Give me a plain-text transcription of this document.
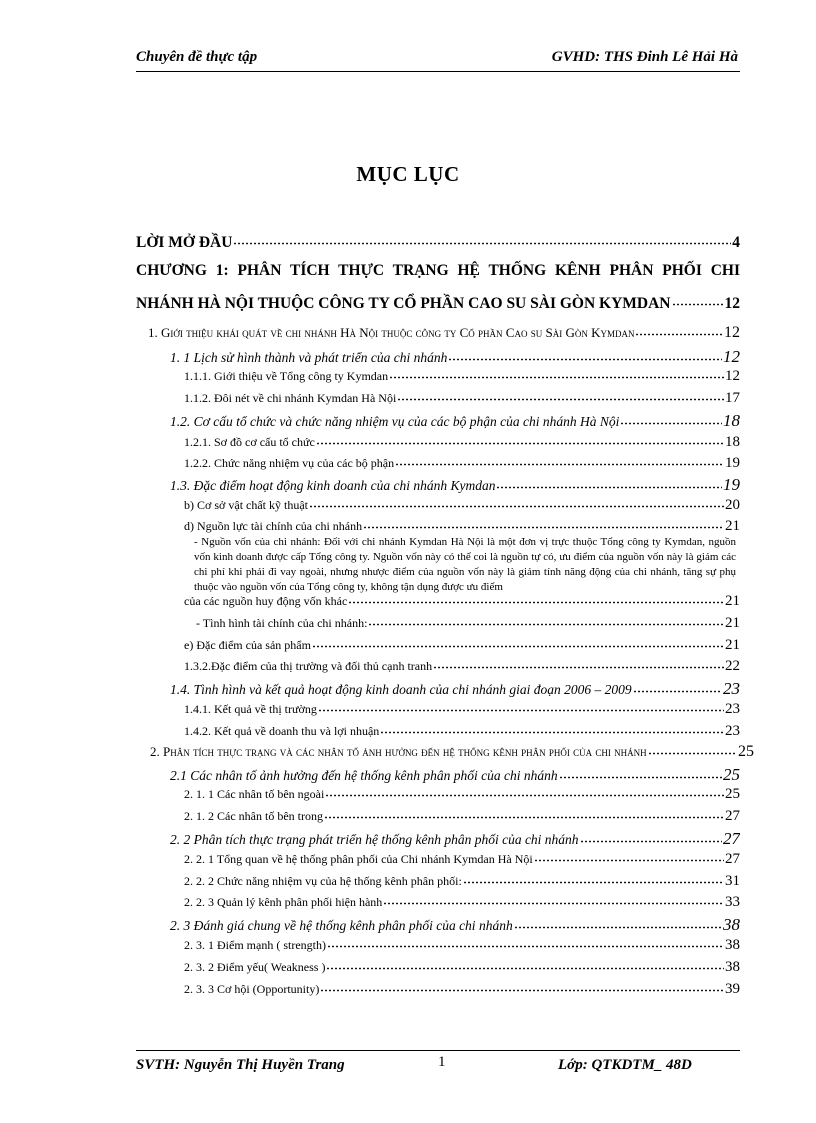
Chuyên đề thực tập	GVHD: THS Đinh Lê Hải Hà
MỤC LỤC
LỜI MỞ ĐẦU	4
CHƯƠNG 1: PHÂN TÍCH THỰC TRẠNG HỆ THỐNG KÊNH PHÂN PHỐI CHI
NHÁNH HÀ NỘI THUỘC CÔNG TY CỔ PHẦN CAO SU SÀI GÒN KYMDAN	12
1. Giới thiệu khái quát về chi nhánh Hà Nội thuộc công ty Cổ phần Cao su Sài Gòn Kymdan	12
1. 1 Lịch sử hình thành và phát triển của chi nhánh	12
1.1.1. Giới thiệu về Tổng công ty Kymdan	12
1.1.2. Đôi nét về chi nhánh Kymdan Hà Nội	17
1.2. Cơ cấu tổ chức và chức năng nhiệm vụ của các bộ phận của chi nhánh Hà Nội	18
1.2.1. Sơ đồ cơ cấu tổ chức	18
1.2.2. Chức năng nhiệm vụ của các bộ phận	19
1.3. Đặc điểm hoạt động kinh doanh của chi nhánh Kymdan	19
b) Cơ sở vật chất kỹ thuật	20
d) Nguồn lực tài chính của chi nhánh	21
- Nguồn vốn của chi nhánh: Đối với chi nhánh Kymdan Hà Nội là một đơn vị trực thuộc Tổng công ty Kymdan, nguồn vốn kinh doanh được cấp Tổng công ty. Nguồn vốn này có thể coi là nguồn tự có, ưu điểm của nguồn vốn này là giảm các chi phí khi phải đi vay ngoài, nhưng nhược điểm của nguồn vốn này là giảm tính năng động của chi nhánh, tăng sự phụ thuộc vào nguồn vốn của Tổng công ty, không tận dụng được ưu điểm
của các nguồn huy động vốn khác	21
- Tình hình tài chính của chi nhánh:	21
e) Đặc điểm của sản phẩm	21
1.3.2.Đặc điểm của thị trường và đối thủ cạnh tranh	22
1.4. Tình hình và kết quả hoạt động kinh doanh của chi nhánh giai đoạn 2006 – 2009	23
1.4.1. Kết quả về thị trường	23
1.4.2. Kết quả về doanh thu và lợi nhuận	23
2. Phân tích thực trạng và các nhân tố ảnh hưởng đến hệ thống kênh phân phối của chi nhánh	25
2.1 Các nhân tố ảnh hưởng đến hệ thống kênh phân phối của chi nhánh	25
2. 1. 1 Các nhân tố bên ngoài	25
2. 1. 2 Các nhân tố bên trong	27
2. 2 Phân tích thực trạng phát triển hệ thống kênh phân phối của chi nhánh	27
2. 2. 1 Tổng quan về hệ thống phân phối của Chi nhánh Kymdan Hà Nội	27
2. 2. 2 Chức năng nhiệm vụ của hệ thống kênh phân phối:	31
2. 2. 3 Quản lý kênh phân phối hiện hành	33
2. 3 Đánh giá chung về hệ thống kênh phân phối của chi nhánh	38
2. 3. 1 Điểm mạnh ( strength)	38
2. 3. 2 Điểm yếu( Weakness )	38
2. 3. 3 Cơ hội (Opportunity)	39
SVTH: Nguyễn Thị Huyền Trang	1	Lớp: QTKDTM_ 48D
